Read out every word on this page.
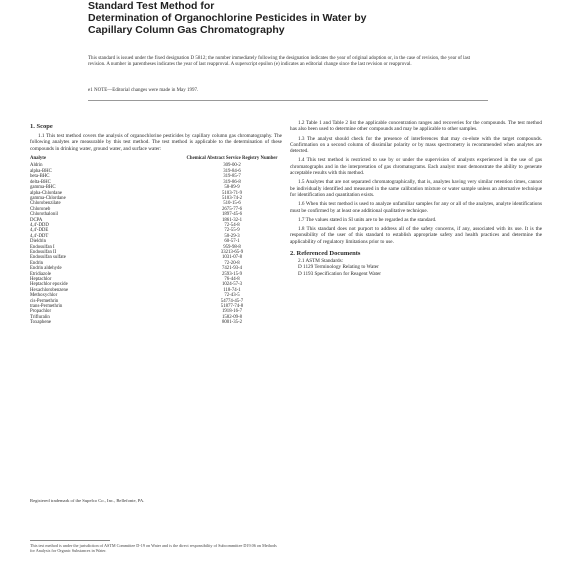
Standard Test Method for
Determination of Organochlorine Pesticides in Water by
Capillary Column Gas Chromatography
This standard is issued under the fixed designation D 5812; the number immediately following the designation indicates the year of original adoption or, in the case of revision, the year of last revision. A number in parentheses indicates the year of last reapproval. A superscript epsilon (e) indicates an editorial change since the last revision or reapproval.
e1 NOTE—Editorial changes were made in May 1997.
1. Scope

1.1 This test method covers the analysis of organochlorine pesticides by capillary column gas chromatography. The following analytes are measurable by this test method. The test method is applicable to the determination of these compounds in drinking water, ground water, and surface water:

Analyte	Chemical Abstract Service Registry Number
Aldrin	309-00-2
alpha-BHC	319-84-6
beta-BHC	319-85-7
delta-BHC	319-86-8
gamma-BHC	58-89-9
alpha-Chlordane	5103-71-9
gamma-Chlordane	5103-74-2
Chlorobenzilate	510-15-6
Chloroneb	2675-77-6
Chlorothalonil	1897-45-6
DCPA	1861-32-1
4,4'-DDD	72-54-8
4,4'-DDE	72-55-9
4,4'-DDT	50-29-3
Dieldrin	60-57-1
Endosulfan I	959-98-8
Endosulfan II	33213-65-9
Endosulfan sulfate	1031-07-8
Endrin	72-20-8
Endrin aldehyde	7421-93-4
Etridiazole	2593-15-9
Heptachlor	76-44-8
Heptachlor epoxide	1024-57-3
Hexachlorobenzene	118-74-1
Methoxychlor	72-43-5
cis-Permethrin	54774-45-7
trans-Permethrin	51877-74-8
Propachlor	1918-16-7
Trifluralin	1582-09-8
Toxaphene	8001-35-2

1.2 Table 1 and Table 2 list the applicable concentration ranges and recoveries for the compounds. The test method has also been used to determine other compounds and may be applicable to other samples.

1.3 The analyst should check for the presence of interferences that may co-elute with the target compounds. Confirmation on a second column of dissimilar polarity or by mass spectrometry is recommended when analytes are detected.

1.4 This test method is restricted to use by or under the supervision of analysts experienced in the use of gas chromatographs and in the interpretation of gas chromatograms. Each analyst must demonstrate the ability to generate acceptable results with this method.

1.5 Analytes that are not separated chromatographically, that is, analytes having very similar retention times, cannot be individually identified and measured in the same calibration mixture or water sample unless an alternative technique for identification and quantitation exists.

1.6 When this test method is used to analyze unfamiliar samples for any or all of the analytes, analyte identifications must be confirmed by at least one additional qualitative technique.

1.7 The values stated in SI units are to be regarded as the standard.

1.8 This standard does not purport to address all of the safety concerns, if any, associated with its use. It is the responsibility of the user of this standard to establish appropriate safety and health practices and determine the applicability of regulatory limitations prior to use.

2. Referenced Documents

2.1 ASTM Standards:

D 1129 Terminology Relating to Water

D 1193 Specification for Reagent Water

Registered trademark of the Supelco Co., Inc., Bellefonte, PA.
This test method is under the jurisdiction of ASTM Committee D-19 on Water and is the direct responsibility of Subcommittee D19.06 on Methods for Analysis for Organic Substances in Water.
